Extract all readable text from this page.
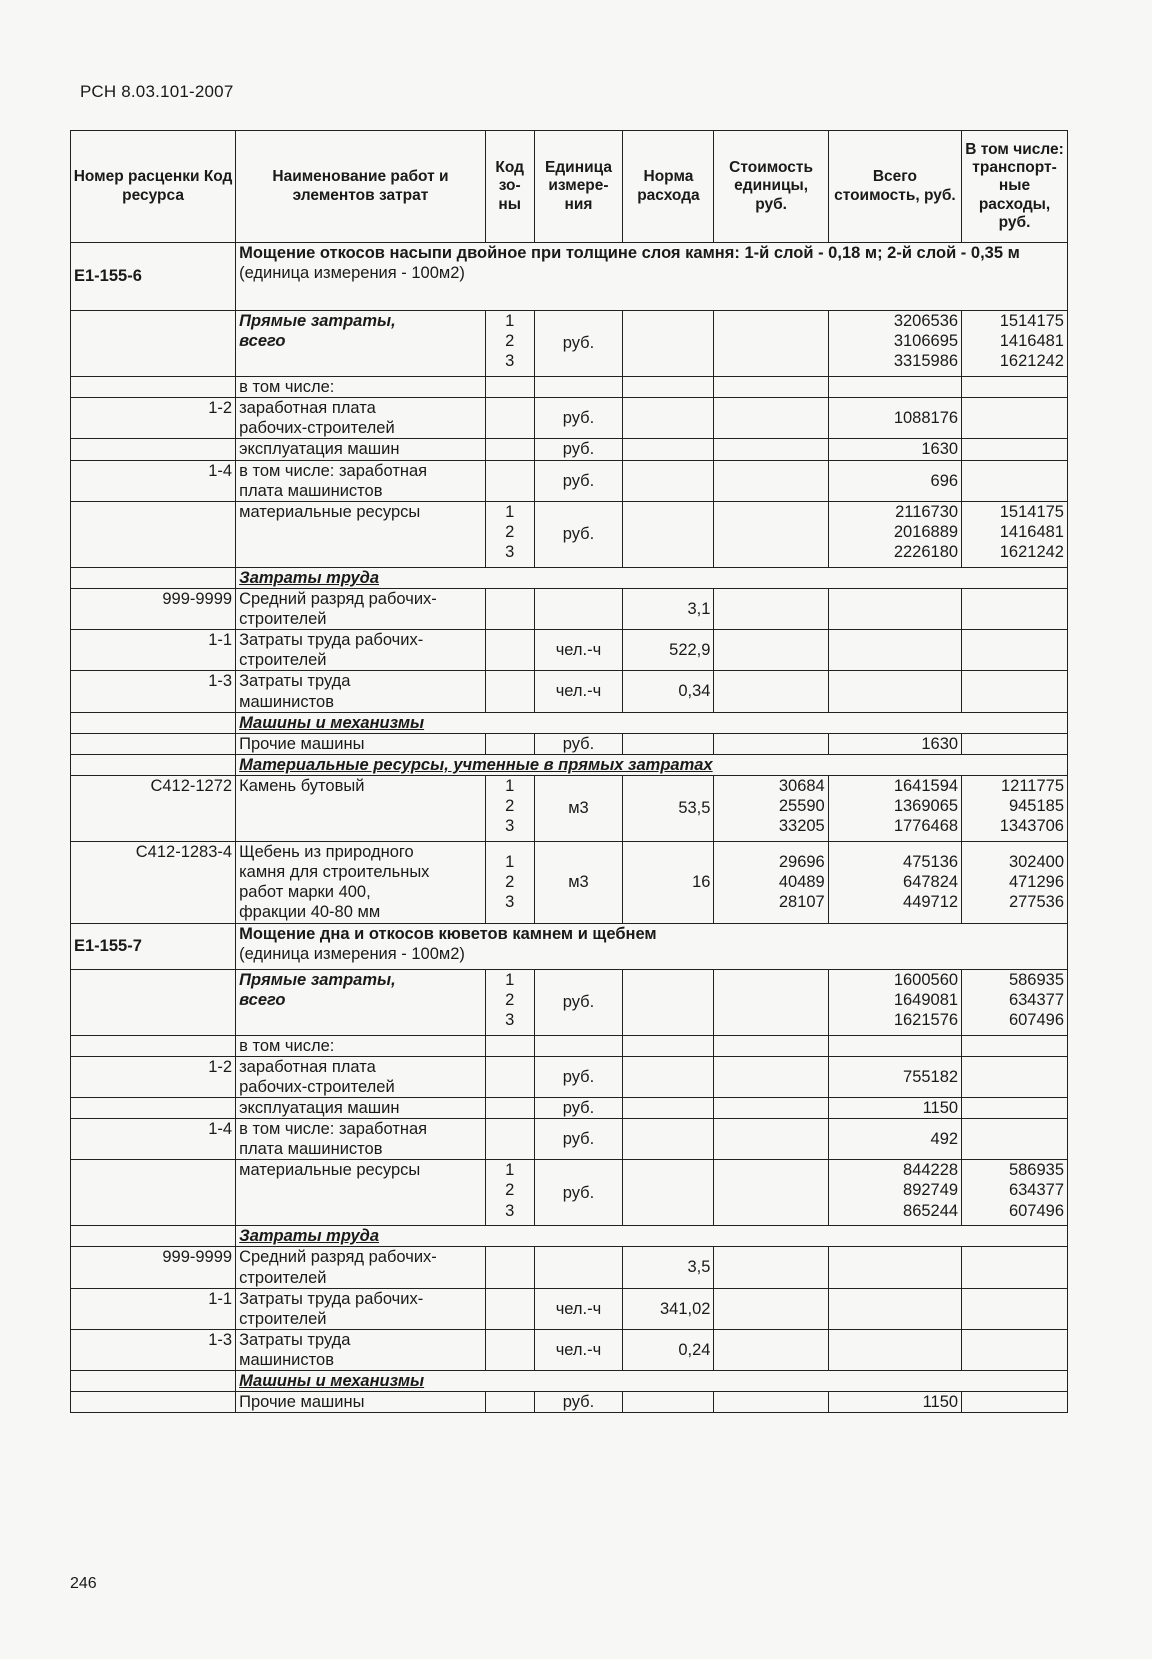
РСН 8.03.101-2007
Номер расценки Код ресурса	Наименование работ и элементов затрат	Код зо-ны	Единица измере-ния	Норма расхода	Стоимость единицы, руб.	Всего стоимость, руб.	В том числе: транспорт-ные расходы, руб.
Е1-155-6	Мощение откосов насыпи двойное при толщине слоя камня: 1-й слой - 0,18 м; 2-й слой - 0,35 м
(единица измерения - 100м2)						

	Прямые затраты,
всего	1
2
3	руб.			3206536
3106695
3315986	1514175
1416481
1621242

	в том числе:						
1-2	заработная плата
рабочих-строителей		руб.			1088176	
	эксплуатация машин		руб.			1630	
1-4	в том числе: заработная
плата машинистов		руб.			696	
	материальные ресурсы	1
2
3	руб.			2116730
2016889
2226180	1514175
1416481
1621242

	Затраты труда						
999-9999	Средний разряд рабочих-
строителей			3,1			
1-1	Затраты труда рабочих-
строителей		чел.-ч	522,9			
1-3	Затраты труда
машинистов		чел.-ч	0,34			
	Машины и механизмы						
	Прочие машины		руб.			1630	
	Материальные ресурсы, учтенные в прямых затратах						
С412-1272	Камень бутовый	1
2
3	м3	53,5	30684
25590
33205	1641594
1369065
1776468	1211775
945185
1343706

С412-1283-4	Щебень из природного
камня для строительных
работ марки 400,
фракции 40-80 мм	1
2
3	м3	16	29696
40489
28107	475136
647824
449712	302400
471296
277536

Е1-155-7	Мощение дна и откосов кюветов камнем и щебнем
(единица измерения - 100м2)						

	Прямые затраты,
всего	1
2
3	руб.			1600560
1649081
1621576	586935
634377
607496

	в том числе:						
1-2	заработная плата
рабочих-строителей		руб.			755182	
	эксплуатация машин		руб.			1150	
1-4	в том числе: заработная
плата машинистов		руб.			492	
	материальные ресурсы	1
2
3	руб.			844228
892749
865244	586935
634377
607496

	Затраты труда						
999-9999	Средний разряд рабочих-
строителей			3,5			
1-1	Затраты труда рабочих-
строителей		чел.-ч	341,02			
1-3	Затраты труда
машинистов		чел.-ч	0,24			
	Машины и механизмы						
	Прочие машины		руб.			1150	
246
